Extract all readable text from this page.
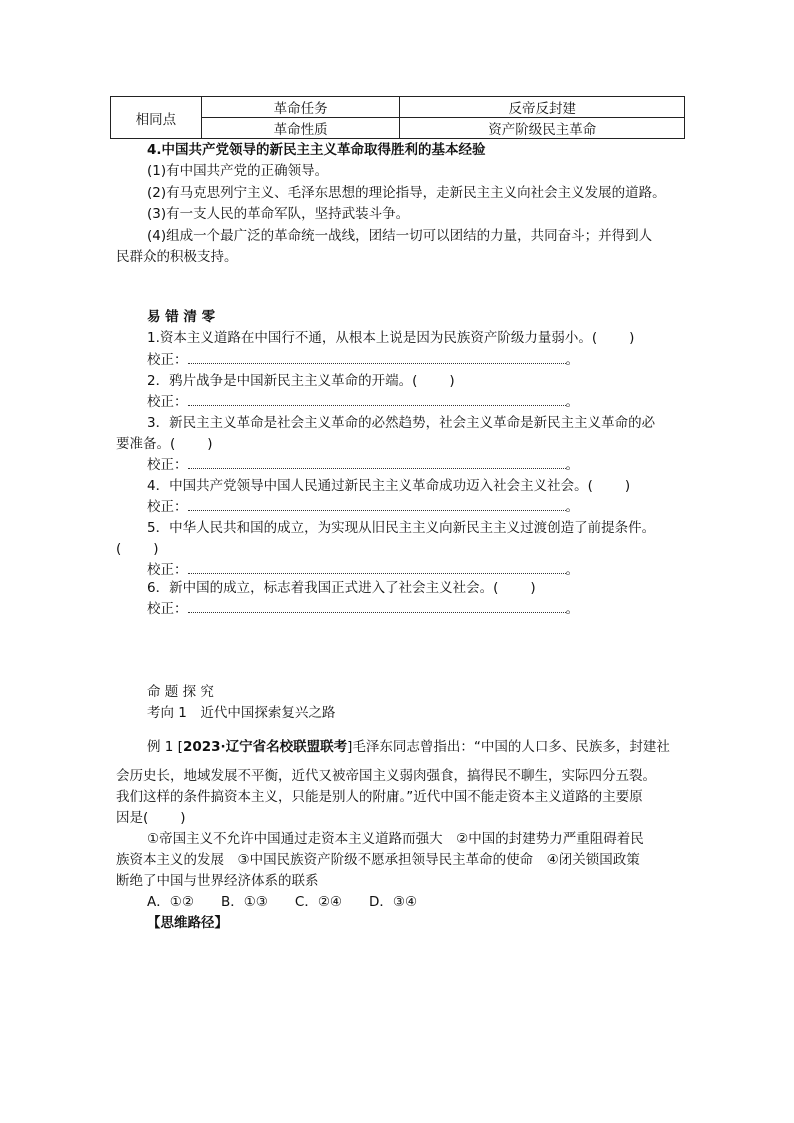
相同点	革命任务	反帝反封建
	革命性质	资产阶级民主革命
4.中国共产党领导的新民主主义革命取得胜利的基本经验
(1)有中国共产党的正确领导。
(2)有马克思列宁主义、毛泽东思想的理论指导，走新民主主义向社会主义发展的道路。
(3)有一支人民的革命军队，坚持武装斗争。
(4)组成一个最广泛的革命统一战线，团结一切可以团结的力量，共同奋斗；并得到人
民群众的积极支持。
易 错 清 零
1.资本主义道路在中国行不通，从根本上说是因为民族资产阶级力量弱小。( )
校正：	。
2．鸦片战争是中国新民主主义革命的开端。( )
校正：	。
3．新民主主义革命是社会主义革命的必然趋势，社会主义革命是新民主主义革命的必
要准备。( )
校正：	。
4．中国共产党领导中国人民通过新民主主义革命成功迈入社会主义社会。( )
校正：	。
5．中华人民共和国的成立，为实现从旧民主主义向新民主主义过渡创造了前提条件。
( )
校正：	。
6．新中国的成立，标志着我国正式进入了社会主义社会。( )
校正：	。
命 题 探 究
考向 1　近代中国探索复兴之路
例 1 [2023·辽宁省名校联盟联考]毛泽东同志曾指出：“中国的人口多、民族多，封建社
会历史长，地域发展不平衡，近代又被帝国主义弱肉强食，搞得民不聊生，实际四分五裂。
我们这样的条件搞资本主义，只能是别人的附庸。”近代中国不能走资本主义道路的主要原
因是( )
①帝国主义不允许中国通过走资本主义道路而强大　②中国的封建势力严重阻碍着民
族资本主义的发展　③中国民族资产阶级不愿承担领导民主革命的使命　④闭关锁国政策
断绝了中国与世界经济体系的联系
A．①②　　B．①③　　C．②④　　D．③④
【思维路径】
